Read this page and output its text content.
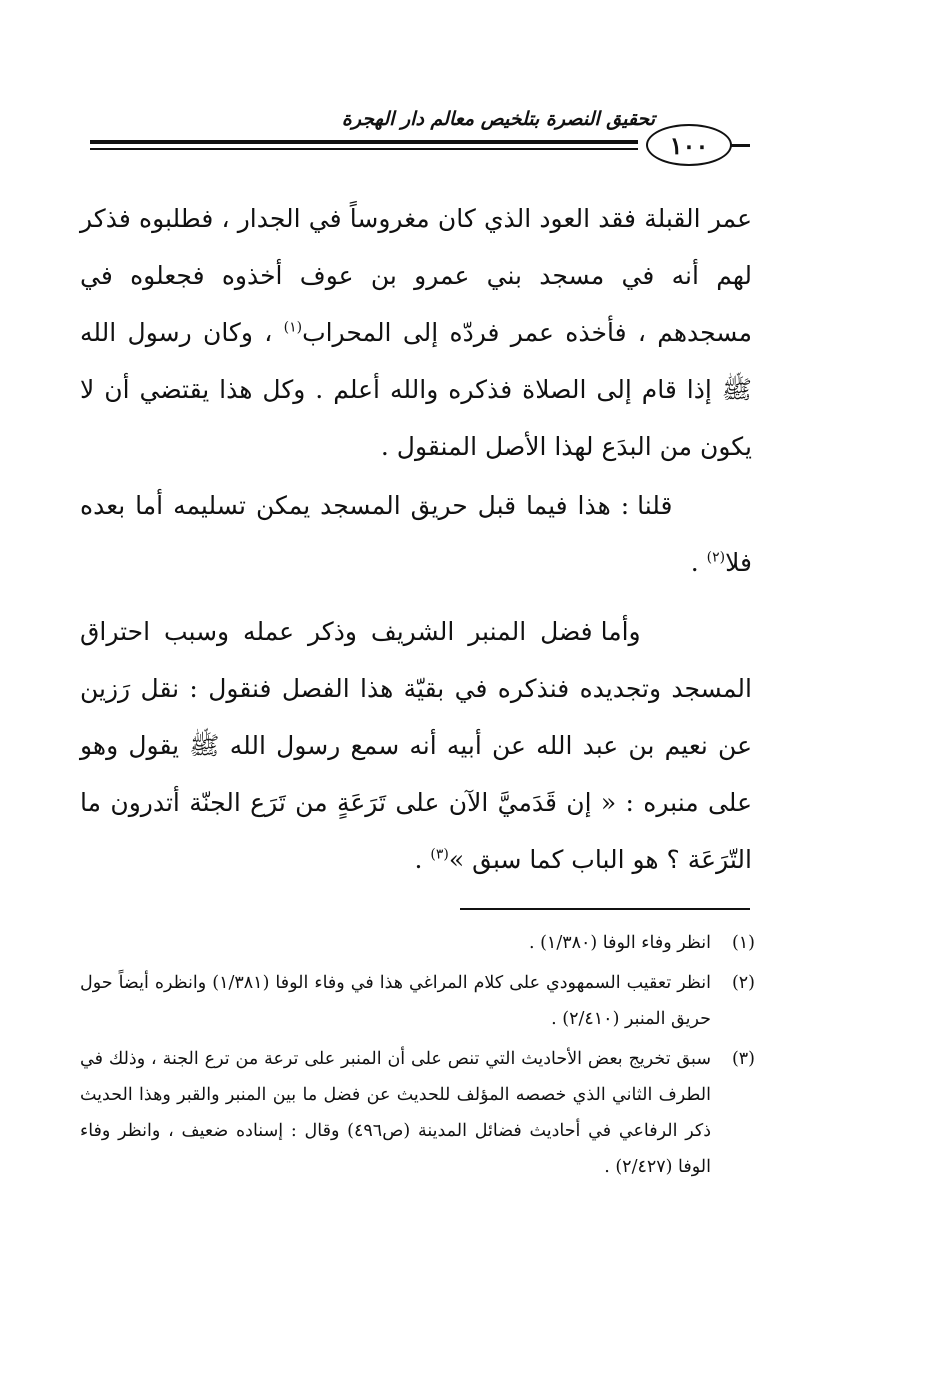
تحقيق النصرة بتلخيص معالم دار الهجرة
١٠٠

عمر القبلة فقد العود الذي كان مغروساً في الجدار ، فطلبوه فذكر لهم أنه في مسجد بني عمرو بن عوف أخذوه فجعلوه في مسجدهم ، فأخذه عمر فردّه إلى المحراب$^{(١)}$ ، وكان رسول الله ﷺ إذا قام إلى الصلاة فذكره والله أعلم . وكل هذا يقتضي أن لا يكون من البدَع لهذا الأصل المنقول .

قلنا : هذا فيما قبل حريق المسجد يمكن تسليمه أما بعده فلا$^{(٢)}$ .

وأما فضل المنبر الشريف وذكر عمله وسبب احتراق المسجد وتجديده فنذكره في بقيّة هذا الفصل فنقول : نقل رَزين عن نعيم بن عبد الله عن أبيه أنه سمع رسول الله ﷺ يقول وهو على منبره : « إن قَدَميَّ الآن على تَرَعَةٍ من تَرَع الجنّة أتدرون ما التّرَعَة ؟ هو الباب كما سبق »$^{(٣)}$ .

(١)
انظر وفاء الوفا (١/٣٨٠) .
(٢)
انظر تعقيب السمهودي على كلام المراغي هذا في وفاء الوفا (١/٣٨١) وانظره أيضاً حول حريق المنبر (٢/٤١٠) .
(٣)
سبق تخريج بعض الأحاديث التي تنص على أن المنبر على ترعة من ترع الجنة ، وذلك في الطرف الثاني الذي خصصه المؤلف للحديث عن فضل ما بين المنبر والقبر وهذا الحديث ذكر الرفاعي في أحاديث فضائل المدينة (ص٤٩٦) وقال : إسناده ضعيف ، وانظر وفاء الوفا (٢/٤٢٧) .
